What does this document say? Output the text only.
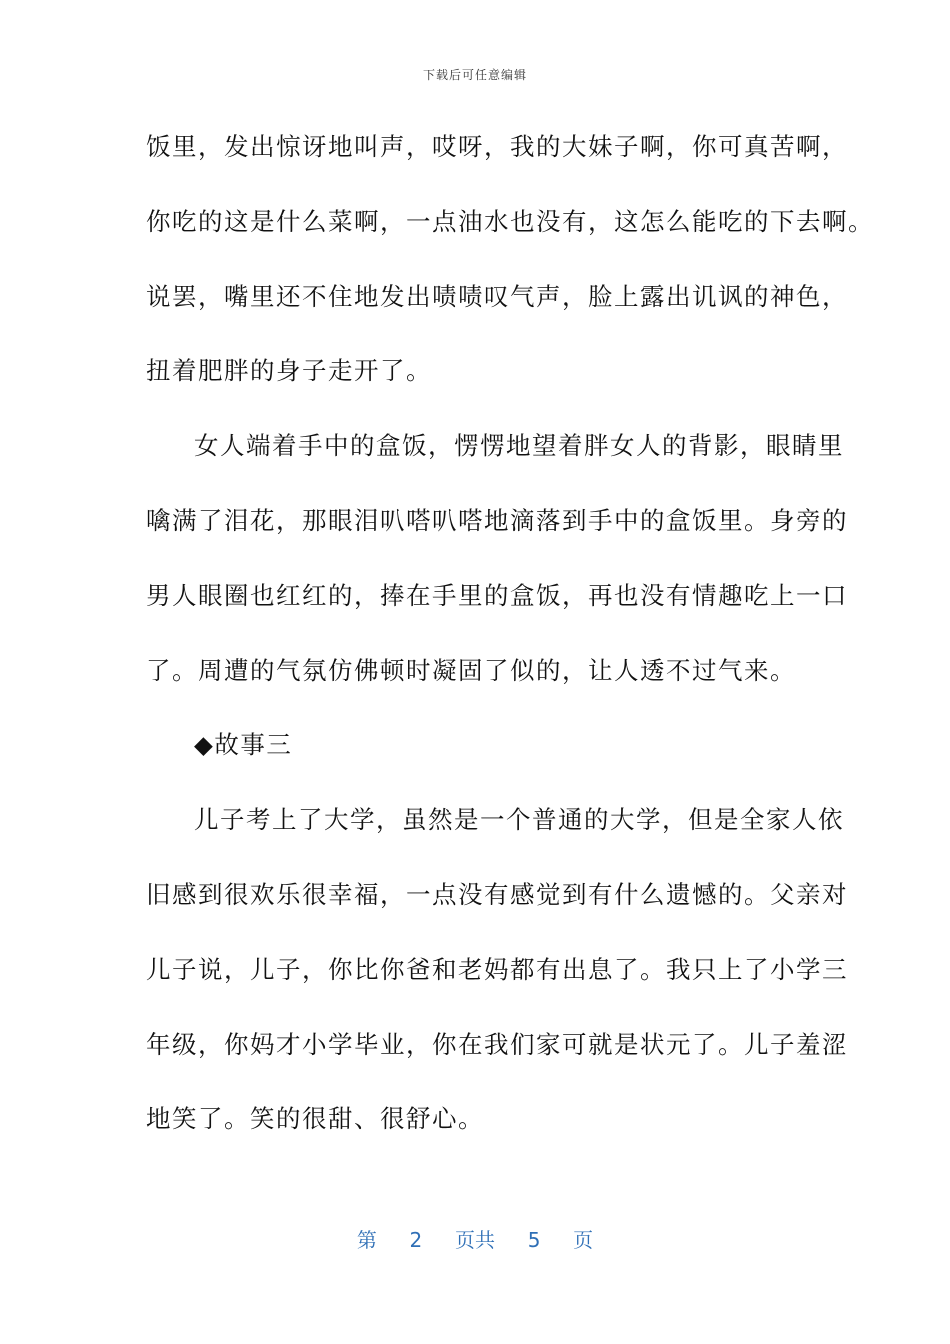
下载后可任意编辑
饭里，发出惊讶地叫声，哎呀，我的大妹子啊，你可真苦啊，
你吃的这是什么菜啊，一点油水也没有，这怎么能吃的下去啊。
说罢，嘴里还不住地发出啧啧叹气声，脸上露出讥讽的神色，
扭着肥胖的身子走开了。
女人端着手中的盒饭，愣愣地望着胖女人的背影，眼睛里
噙满了泪花，那眼泪叭嗒叭嗒地滴落到手中的盒饭里。身旁的
男人眼圈也红红的，捧在手里的盒饭，再也没有情趣吃上一口
了。周遭的气氛仿佛顿时凝固了似的，让人透不过气来。
◆故事三
儿子考上了大学，虽然是一个普通的大学，但是全家人依
旧感到很欢乐很幸福，一点没有感觉到有什么遗憾的。父亲对
儿子说，儿子，你比你爸和老妈都有出息了。我只上了小学三
年级，你妈才小学毕业，你在我们家可就是状元了。儿子羞涩
地笑了。笑的很甜、很舒心。
第 2 页共 5 页
